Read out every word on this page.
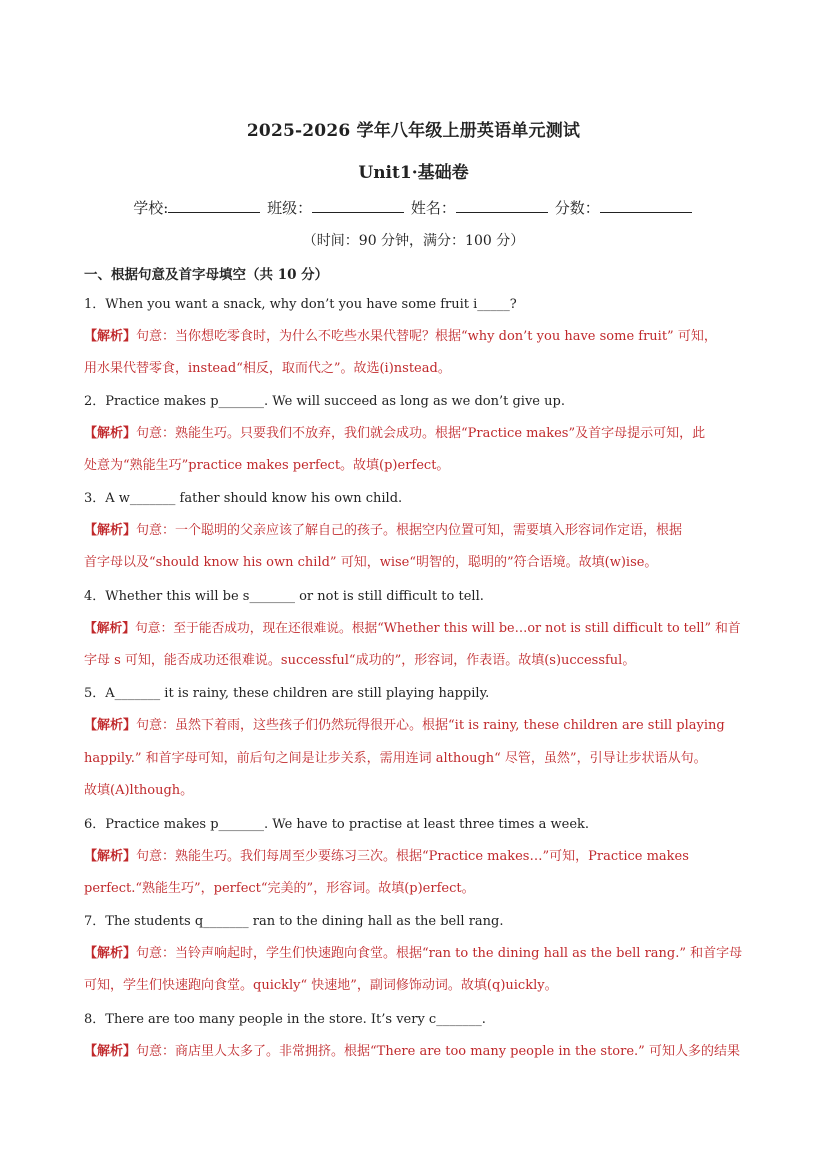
2025-2026 学年八年级上册英语单元测试
Unit1·基础卷
学校:	班级：	姓名：	分数：
（时间：90 分钟，满分：100 分）
一、根据句意及首字母填空（共 10 分）
1．When you want a snack, why don’t you have some fruit i_____?
【解析】句意：当你想吃零食时，为什么不吃些水果代替呢？根据“why don’t you have some fruit” 可知，
用水果代替零食，instead“相反，取而代之”。故选(i)nstead。
2．Practice makes p_______. We will succeed as long as we don’t give up.
【解析】句意：熟能生巧。只要我们不放弃，我们就会成功。根据“Practice makes”及首字母提示可知，此
处意为“熟能生巧”practice makes perfect。故填(p)erfect。
3．A w_______ father should know his own child.
【解析】句意：一个聪明的父亲应该了解自己的孩子。根据空内位置可知，需要填入形容词作定语，根据
首字母以及“should know his own child” 可知，wise“明智的，聪明的”符合语境。故填(w)ise。
4．Whether this will be s_______ or not is still difficult to tell.
【解析】句意：至于能否成功，现在还很难说。根据“Whether this will be…or not is still difficult to tell” 和首
字母 s 可知，能否成功还很难说。successful“成功的”，形容词，作表语。故填(s)uccessful。
5．A_______ it is rainy, these children are still playing happily.
【解析】句意：虽然下着雨，这些孩子们仍然玩得很开心。根据“it is rainy, these children are still playing
happily.” 和首字母可知，前后句之间是让步关系，需用连词 although“ 尽管，虽然”，引导让步状语从句。
故填(A)lthough。
6．Practice makes p_______. We have to practise at least three times a week.
【解析】句意：熟能生巧。我们每周至少要练习三次。根据“Practice makes…”可知，Practice makes
perfect.“熟能生巧”，perfect“完美的”，形容词。故填(p)erfect。
7．The students q_______ ran to the dining hall as the bell rang.
【解析】句意：当铃声响起时，学生们快速跑向食堂。根据“ran to the dining hall as the bell rang.” 和首字母
可知，学生们快速跑向食堂。quickly“ 快速地”，副词修饰动词。故填(q)uickly。
8．There are too many people in the store. It’s very c_______.
【解析】句意：商店里人太多了。非常拥挤。根据“There are too many people in the store.” 可知人多的结果
